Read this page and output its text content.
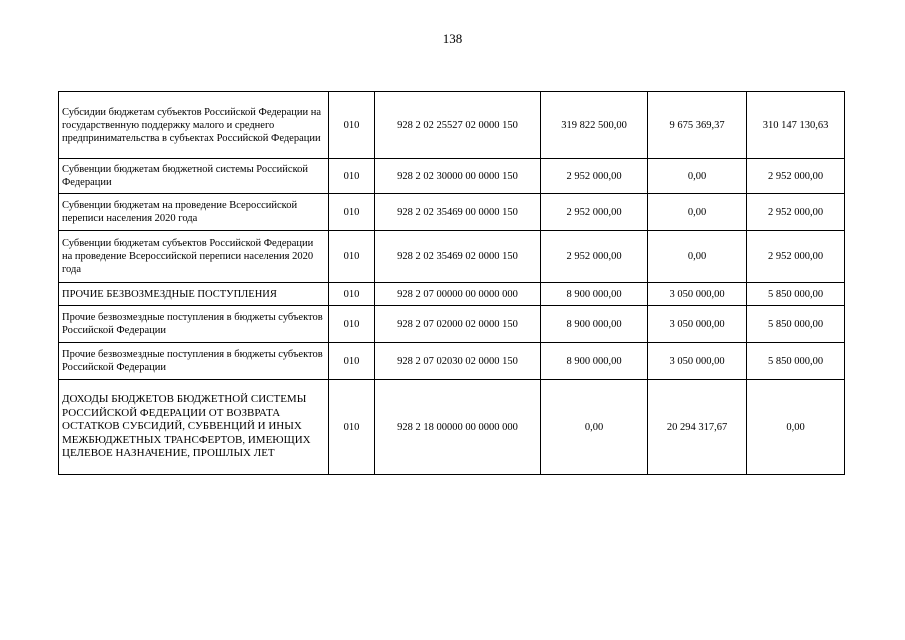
138
Субсидии бюджетам субъектов Российской Федерации на государственную поддержку малого и среднего предпринимательства в субъектах Российской Федерации	010	928 2 02 25527 02 0000 150	319 822 500,00	9 675 369,37	310 147 130,63
Субвенции бюджетам бюджетной системы Российской Федерации	010	928 2 02 30000 00 0000 150	2 952 000,00	0,00	2 952 000,00
Субвенции бюджетам на проведение Всероссийской переписи населения 2020 года	010	928 2 02 35469 00 0000 150	2 952 000,00	0,00	2 952 000,00
Субвенции бюджетам субъектов Российской Федерации на проведение Всероссийской переписи населения 2020 года	010	928 2 02 35469 02 0000 150	2 952 000,00	0,00	2 952 000,00
ПРОЧИЕ БЕЗВОЗМЕЗДНЫЕ ПОСТУПЛЕНИЯ	010	928 2 07 00000 00 0000 000	8 900 000,00	3 050 000,00	5 850 000,00
Прочие безвозмездные поступления в бюджеты субъектов Российской Федерации	010	928 2 07 02000 02 0000 150	8 900 000,00	3 050 000,00	5 850 000,00
Прочие безвозмездные поступления в бюджеты субъектов Российской Федерации	010	928 2 07 02030 02 0000 150	8 900 000,00	3 050 000,00	5 850 000,00
ДОХОДЫ БЮДЖЕТОВ БЮДЖЕТНОЙ СИСТЕМЫ РОССИЙСКОЙ ФЕДЕРАЦИИ ОТ ВОЗВРАТА ОСТАТКОВ СУБСИДИЙ, СУБВЕНЦИЙ И ИНЫХ МЕЖБЮДЖЕТНЫХ ТРАНСФЕРТОВ, ИМЕЮЩИХ ЦЕЛЕВОЕ НАЗНАЧЕНИЕ, ПРОШЛЫХ ЛЕТ	010	928 2 18 00000 00 0000 000	0,00	20 294 317,67	0,00
